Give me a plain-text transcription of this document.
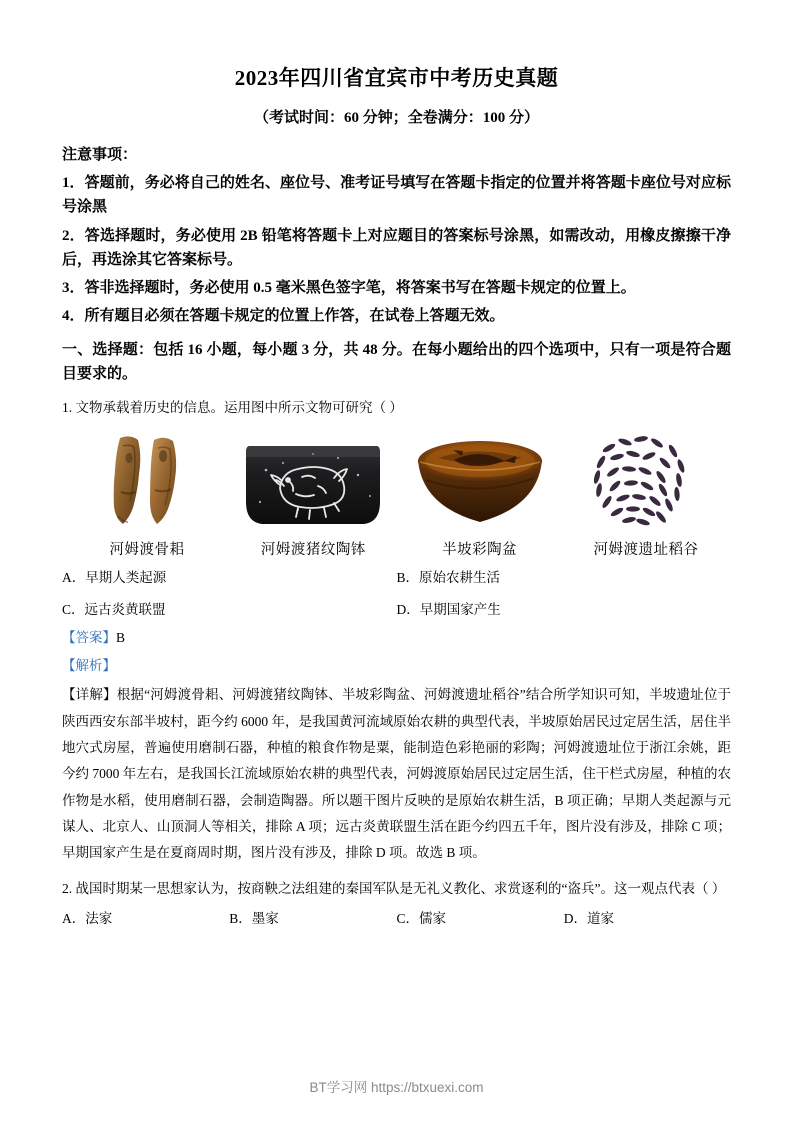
2023年四川省宜宾市中考历史真题
（考试时间：60 分钟；全卷满分：100 分）
注意事项：
1．答题前，务必将自己的姓名、座位号、准考证号填写在答题卡指定的位置并将答题卡座位号对应标号涂黑
2．答选择题时，务必使用 2B 铅笔将答题卡上对应题目的答案标号涂黑，如需改动，用橡皮擦擦干净后，再选涂其它答案标号。
3．答非选择题时，务必使用 0.5 毫米黑色签字笔，将答案书写在答题卡规定的位置上。
4．所有题目必须在答题卡规定的位置上作答，在试卷上答题无效。
一、选择题：包括 16 小题，每小题 3 分，共 48 分。在每小题给出的四个选项中，只有一项是符合题目要求的。
1. 文物承载着历史的信息。运用图中所示文物可研究（ ）
河姆渡骨耜	河姆渡猪纹陶钵	半坡彩陶盆	河姆渡遗址稻谷
A．早期人类起源	B．原始农耕生活
C．远古炎黄联盟	D．早期国家产生
【答案】B
【解析】
【详解】根据“河姆渡骨耜、河姆渡猪纹陶钵、半坡彩陶盆、河姆渡遗址稻谷”结合所学知识可知，半坡遗址位于陕西西安东部半坡村，距今约 6000 年，是我国黄河流域原始农耕的典型代表，半坡原始居民过定居生活，居住半地穴式房屋，普遍使用磨制石器，种植的粮食作物是粟，能制造色彩艳丽的彩陶；河姆渡遗址位于浙江余姚，距今约 7000 年左右，是我国长江流域原始农耕的典型代表，河姆渡原始居民过定居生活，住干栏式房屋，种植的农作物是水稻，使用磨制石器，会制造陶器。所以题干图片反映的是原始农耕生活，B 项正确；早期人类起源与元谋人、北京人、山顶洞人等相关，排除 A 项；远古炎黄联盟生活在距今约四五千年，图片没有涉及，排除 C 项；早期国家产生是在夏商周时期，图片没有涉及，排除 D 项。故选 B 项。
2. 战国时期某一思想家认为，按商鞅之法组建的秦国军队是无礼义教化、求赏逐利的“盗兵”。这一观点代表（ ）
A．法家	B．墨家	C．儒家	D．道家
BT学习网 https://btxuexi.com
